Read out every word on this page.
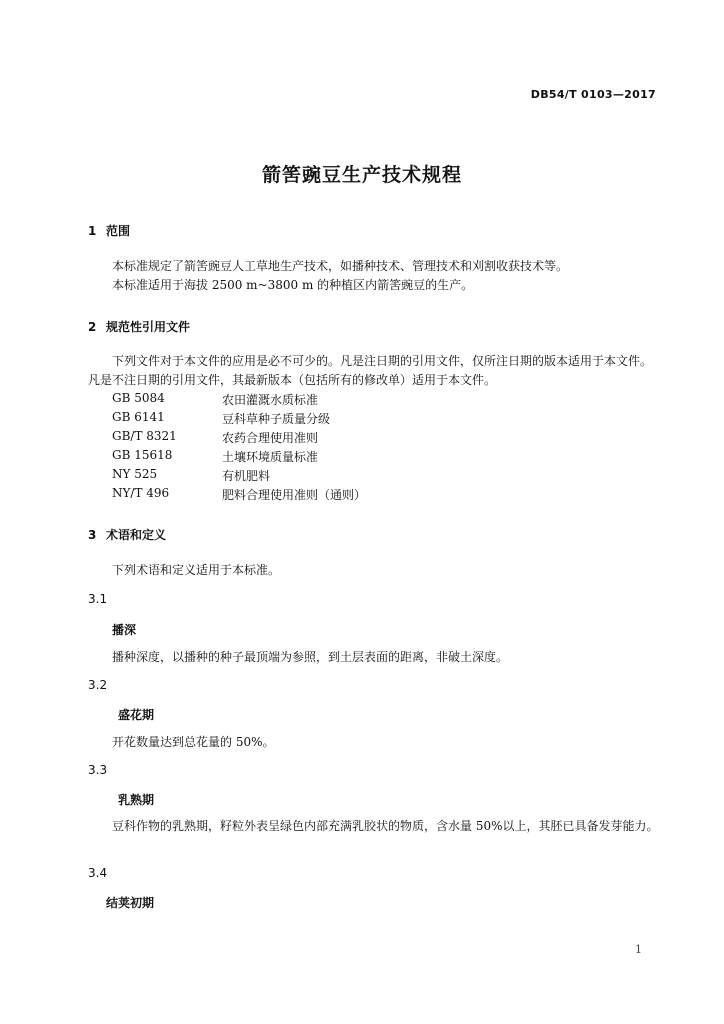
DB54/T 0103—2017
箭筈豌豆生产技术规程
1 范围
本标准规定了箭筈豌豆人工草地生产技术，如播种技术、管理技术和刈割收获技术等。
本标准适用于海拔 2500 m~3800 m 的种植区内箭筈豌豆的生产。
2 规范性引用文件
下列文件对于本文件的应用是必不可少的。凡是注日期的引用文件，仅所注日期的版本适用于本文件。凡是不注日期的引用文件，其最新版本（包括所有的修改单）适用于本文件。
GB 5084	农田灌溉水质标准
GB 6141	豆科草种子质量分级
GB/T 8321	农药合理使用准则
GB 15618	土壤环境质量标准
NY 525	有机肥料
NY/T 496	肥料合理使用准则（通则）
3 术语和定义
下列术语和定义适用于本标准。
3.1
播深
播种深度，以播种的种子最顶端为参照，到土层表面的距离，非破土深度。
3.2
盛花期
开花数量达到总花量的 50%。
3.3
乳熟期
豆科作物的乳熟期，籽粒外表呈绿色内部充满乳胶状的物质，含水量 50%以上，其胚已具备发芽能力。
3.4
结荚初期
1
